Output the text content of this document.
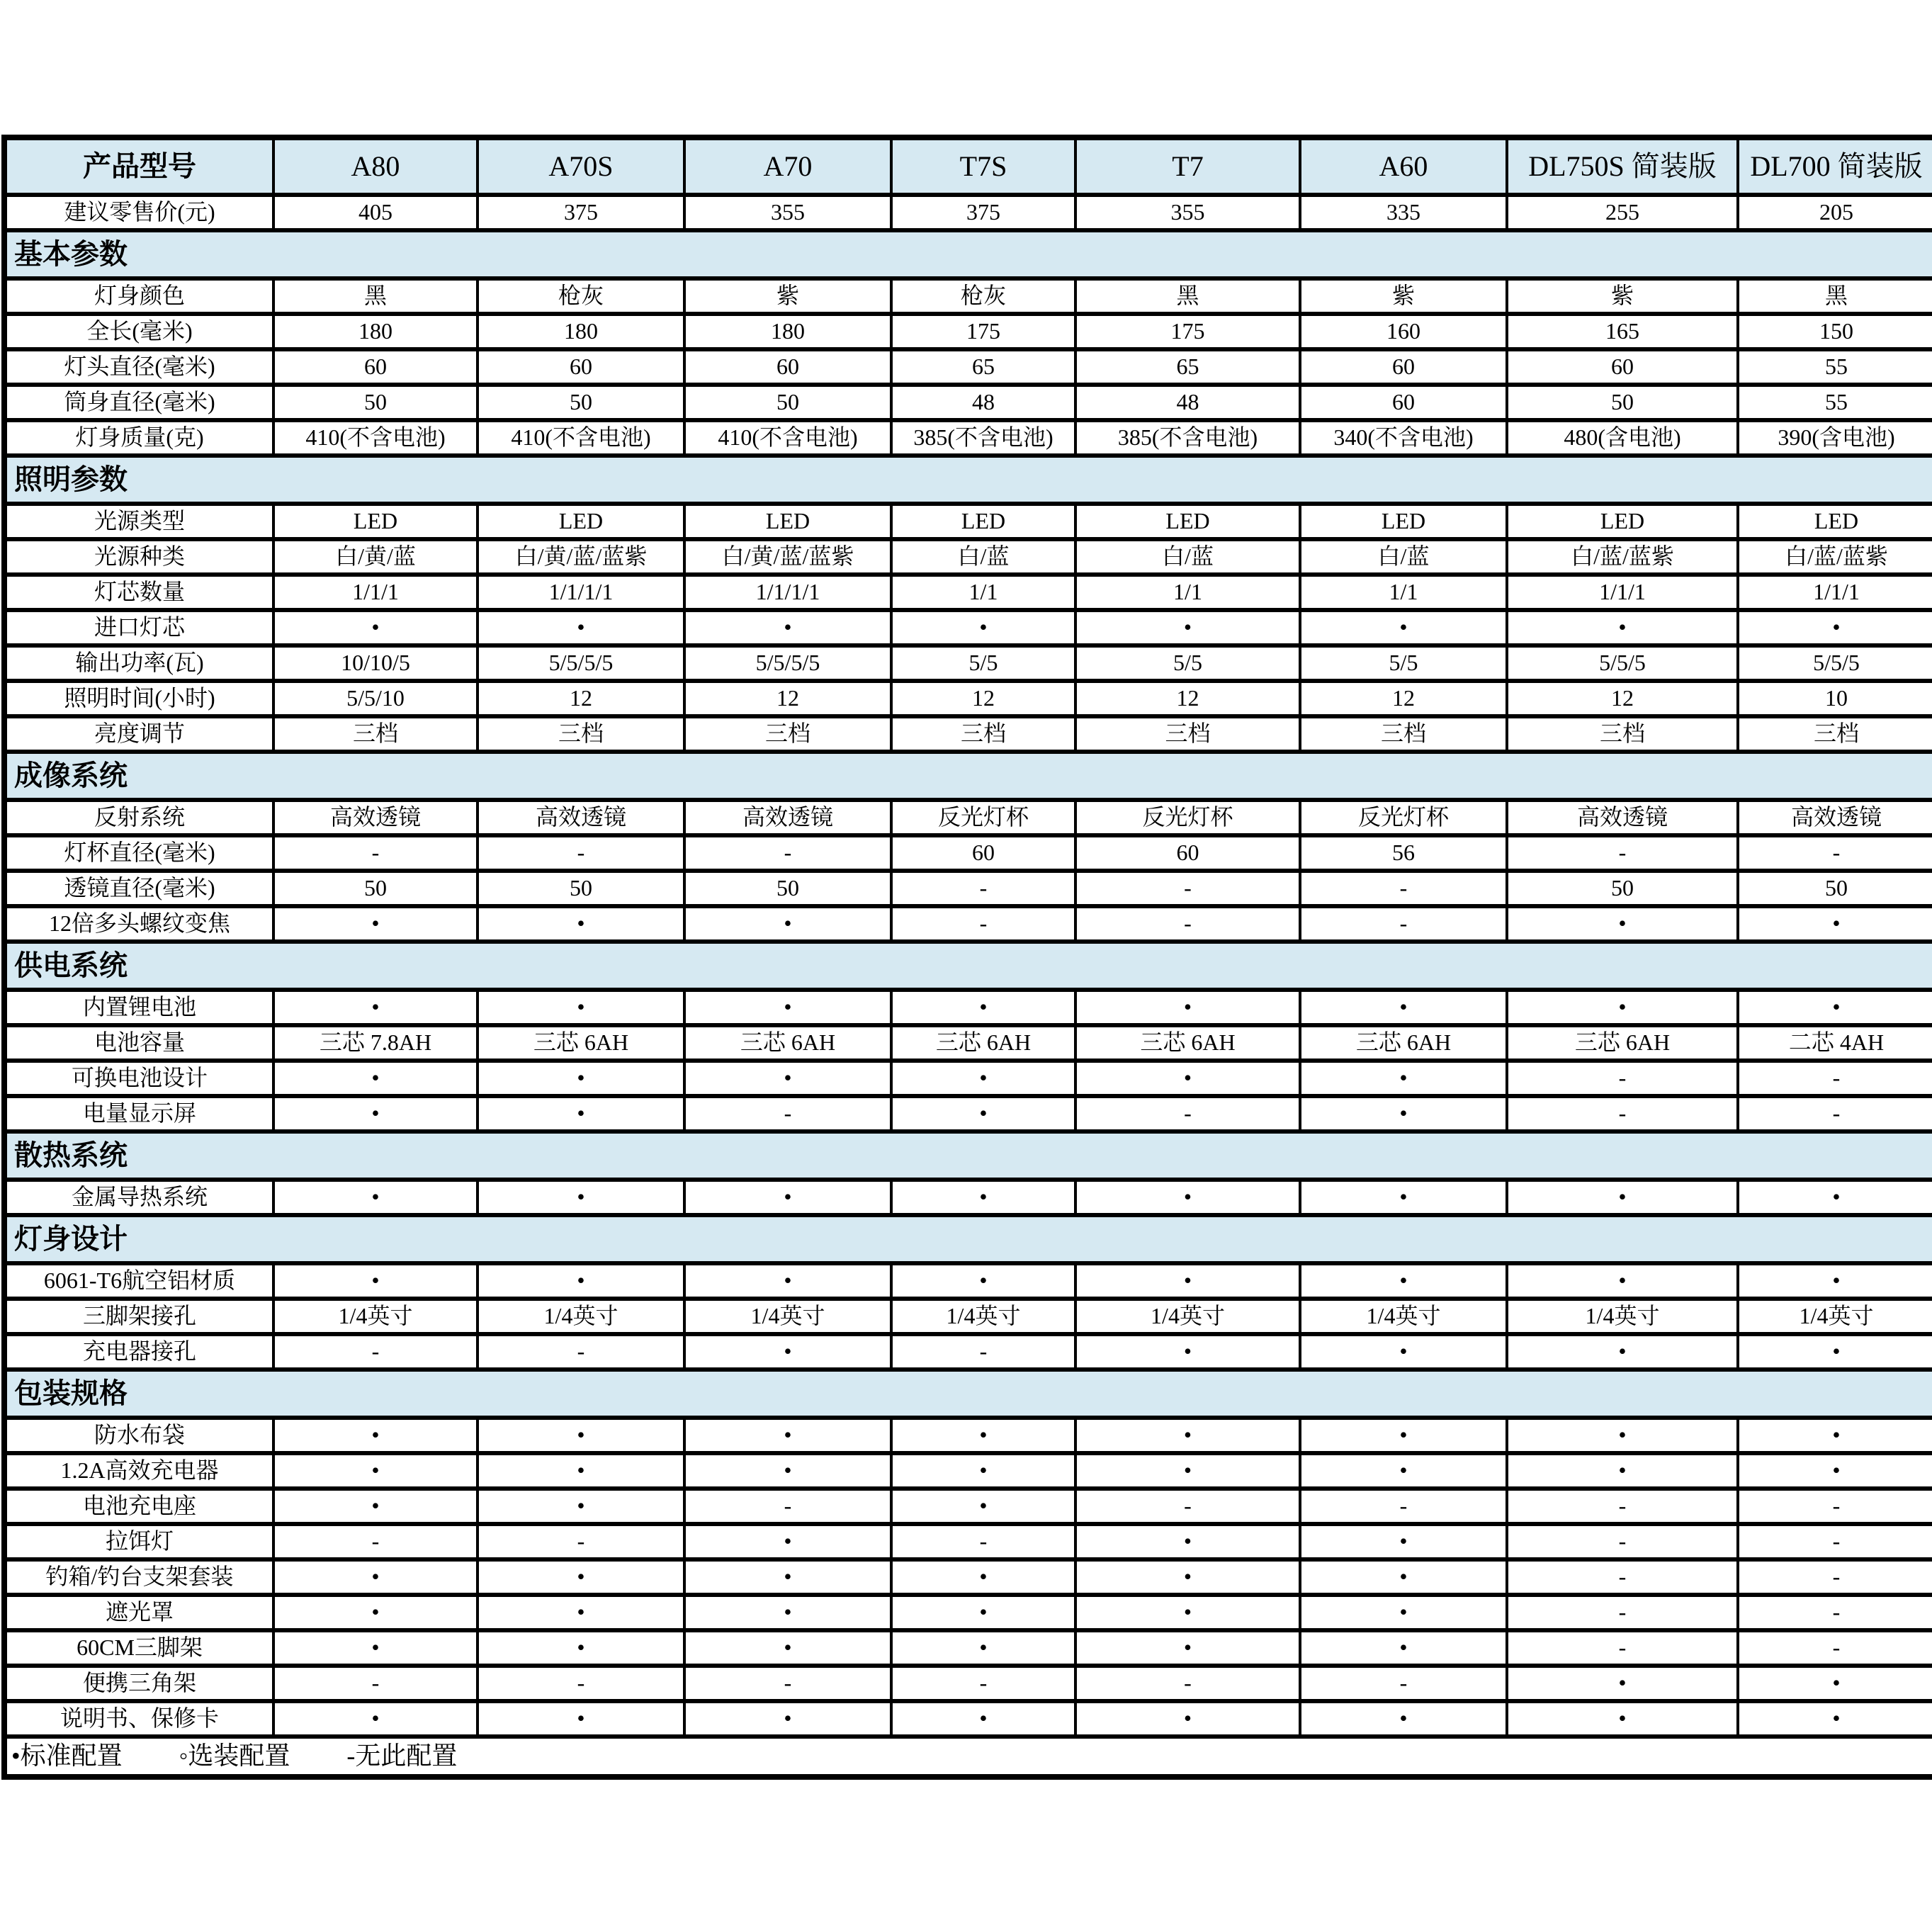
产品型号	A80	A70S	A70	T7S	T7	A60	DL750S 简装版	DL700 简装版
建议零售价(元)	405	375	355	375	355	335	255	205
基本参数								
灯身颜色	黑	枪灰	紫	枪灰	黑	紫	紫	黑
全长(毫米)	180	180	180	175	175	160	165	150
灯头直径(毫米)	60	60	60	65	65	60	60	55
筒身直径(毫米)	50	50	50	48	48	60	50	55
灯身质量(克)	410(不含电池)	410(不含电池)	410(不含电池)	385(不含电池)	385(不含电池)	340(不含电池)	480(含电池)	390(含电池)
照明参数								
光源类型	LED	LED	LED	LED	LED	LED	LED	LED
光源种类	白/黄/蓝	白/黄/蓝/蓝紫	白/黄/蓝/蓝紫	白/蓝	白/蓝	白/蓝	白/蓝/蓝紫	白/蓝/蓝紫
灯芯数量	1/1/1	1/1/1/1	1/1/1/1	1/1	1/1	1/1	1/1/1	1/1/1
进口灯芯	•	•	•	•	•	•	•	•
输出功率(瓦)	10/10/5	5/5/5/5	5/5/5/5	5/5	5/5	5/5	5/5/5	5/5/5
照明时间(小时)	5/5/10	12	12	12	12	12	12	10
亮度调节	三档	三档	三档	三档	三档	三档	三档	三档
成像系统								
反射系统	高效透镜	高效透镜	高效透镜	反光灯杯	反光灯杯	反光灯杯	高效透镜	高效透镜
灯杯直径(毫米)	-	-	-	60	60	56	-	-
透镜直径(毫米)	50	50	50	-	-	-	50	50
12倍多头螺纹变焦	•	•	•	-	-	-	•	•
供电系统								
内置锂电池	•	•	•	•	•	•	•	•
电池容量	三芯 7.8AH	三芯 6AH	三芯 6AH	三芯 6AH	三芯 6AH	三芯 6AH	三芯 6AH	二芯 4AH
可换电池设计	•	•	•	•	•	•	-	-
电量显示屏	•	•	-	•	-	•	-	-
散热系统								
金属导热系统	•	•	•	•	•	•	•	•
灯身设计								
6061-T6航空铝材质	•	•	•	•	•	•	•	•
三脚架接孔	1/4英寸	1/4英寸	1/4英寸	1/4英寸	1/4英寸	1/4英寸	1/4英寸	1/4英寸
充电器接孔	-	-	•	-	•	•	•	•
包装规格								
防水布袋	•	•	•	•	•	•	•	•
1.2A高效充电器	•	•	•	•	•	•	•	•
电池充电座	•	•	-	•	-	-	-	-
拉饵灯	-	-	•	-	•	•	-	-
钓箱/钓台支架套装	•	•	•	•	•	•	-	-
遮光罩	•	•	•	•	•	•	-	-
60CM三脚架	•	•	•	•	•	•	-	-
便携三角架	-	-	-	-	-	-	•	•
说明书、保修卡	•	•	•	•	•	•	•	•
•标准配置 ◦选装配置 -无此配置								
